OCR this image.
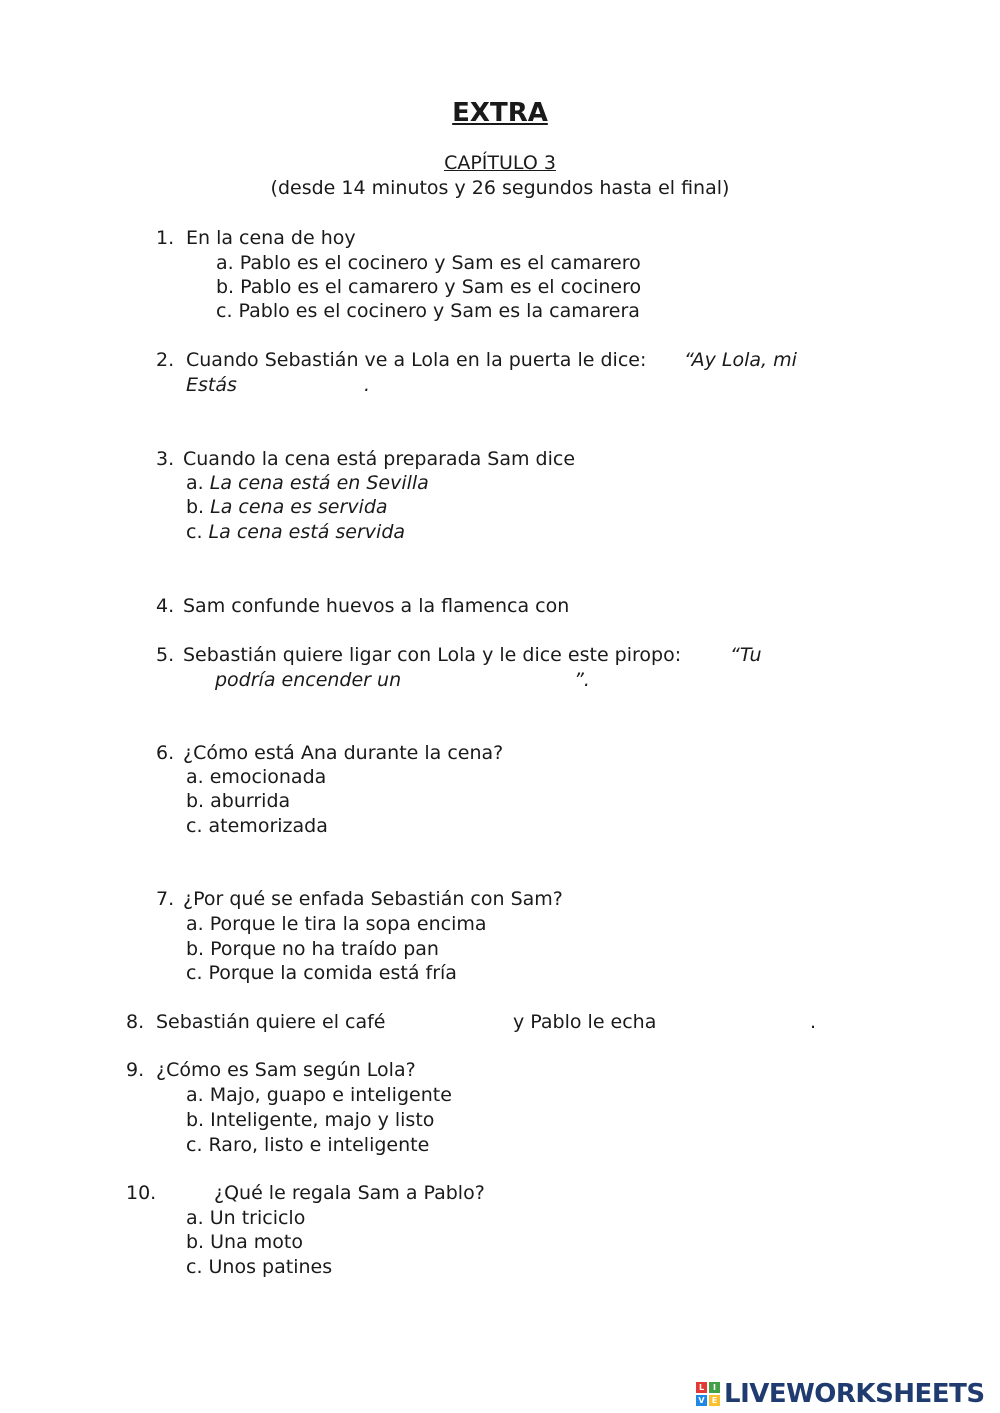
EXTRA
CAPÍTULO 3
(desde 14 minutos y 26 segundos hasta el final)
1. En la cena de hoy
a. Pablo es el cocinero y Sam es el camarero
b. Pablo es el camarero y Sam es el cocinero
c. Pablo es el cocinero y Sam es la camarera
2. Cuando Sebastián ve a Lola en la puerta le dice: “Ay Lola, mi
Estás	.
3. Cuando la cena está preparada Sam dice
a. La cena está en Sevilla
b. La cena es servida
c. La cena está servida
4. Sam confunde huevos a la flamenca con
5. Sebastián quiere ligar con Lola y le dice este piropo:	“Tu
podría encender un	”.
6. ¿Cómo está Ana durante la cena?
a. emocionada
b. aburrida
c. atemorizada
7. ¿Por qué se enfada Sebastián con Sam?
a. Porque le tira la sopa encima
b. Porque no ha traído pan
c. Porque la comida está fría
8. Sebastián quiere el café	y Pablo le echa	.
9. ¿Cómo es Sam según Lola?
a. Majo, guapo e inteligente
b. Inteligente, majo y listo
c. Raro, listo e inteligente
10.	¿Qué le regala Sam a Pablo?
a. Un triciclo
b. Una moto
c. Unos patines
L	I
V E LIVEWORKSHEETS
